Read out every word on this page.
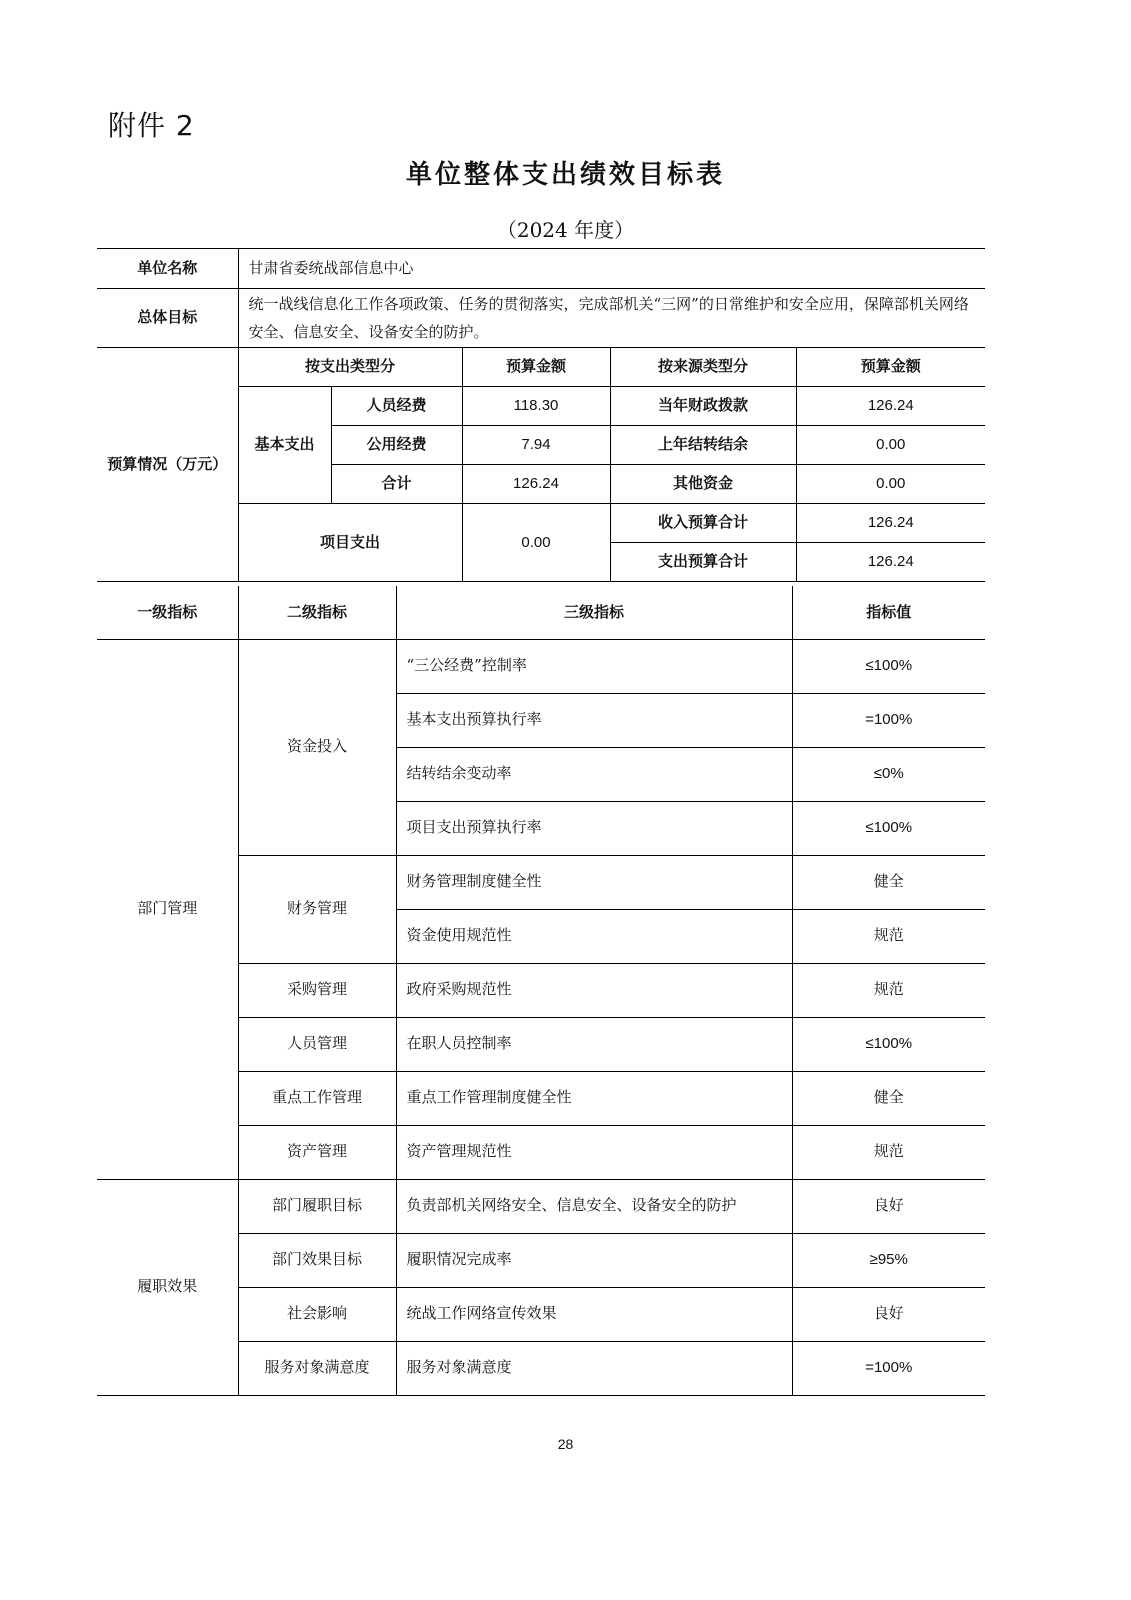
附件 2
单位整体支出绩效目标表
（2024 年度）
单位名称	甘肃省委统战部信息中心				
总体目标	统一战线信息化工作各项政策、任务的贯彻落实，完成部机关“三网”的日常维护和安全应用，保障部机关网络安全、信息安全、设备安全的防护。				
预算情况（万元）	按支出类型分		预算金额	按来源类型分	预算金额
	基本支出	人员经费	118.30	当年财政拨款	126.24
		公用经费	7.94	上年结转结余	0.00
		合计	126.24	其他资金	0.00
	项目支出		0.00	收入预算合计	126.24
				支出预算合计	126.24
一级指标	二级指标	三级指标	指标值
部门管理	资金投入	“三公经费”控制率	≤100%
		基本支出预算执行率	=100%
		结转结余变动率	≤0%
		项目支出预算执行率	≤100%
	财务管理	财务管理制度健全性	健全
		资金使用规范性	规范
	采购管理	政府采购规范性	规范
	人员管理	在职人员控制率	≤100%
	重点工作管理	重点工作管理制度健全性	健全
	资产管理	资产管理规范性	规范
履职效果	部门履职目标	负责部机关网络安全、信息安全、设备安全的防护	良好
	部门效果目标	履职情况完成率	≥95%
	社会影响	统战工作网络宣传效果	良好
	服务对象满意度	服务对象满意度	=100%
28
